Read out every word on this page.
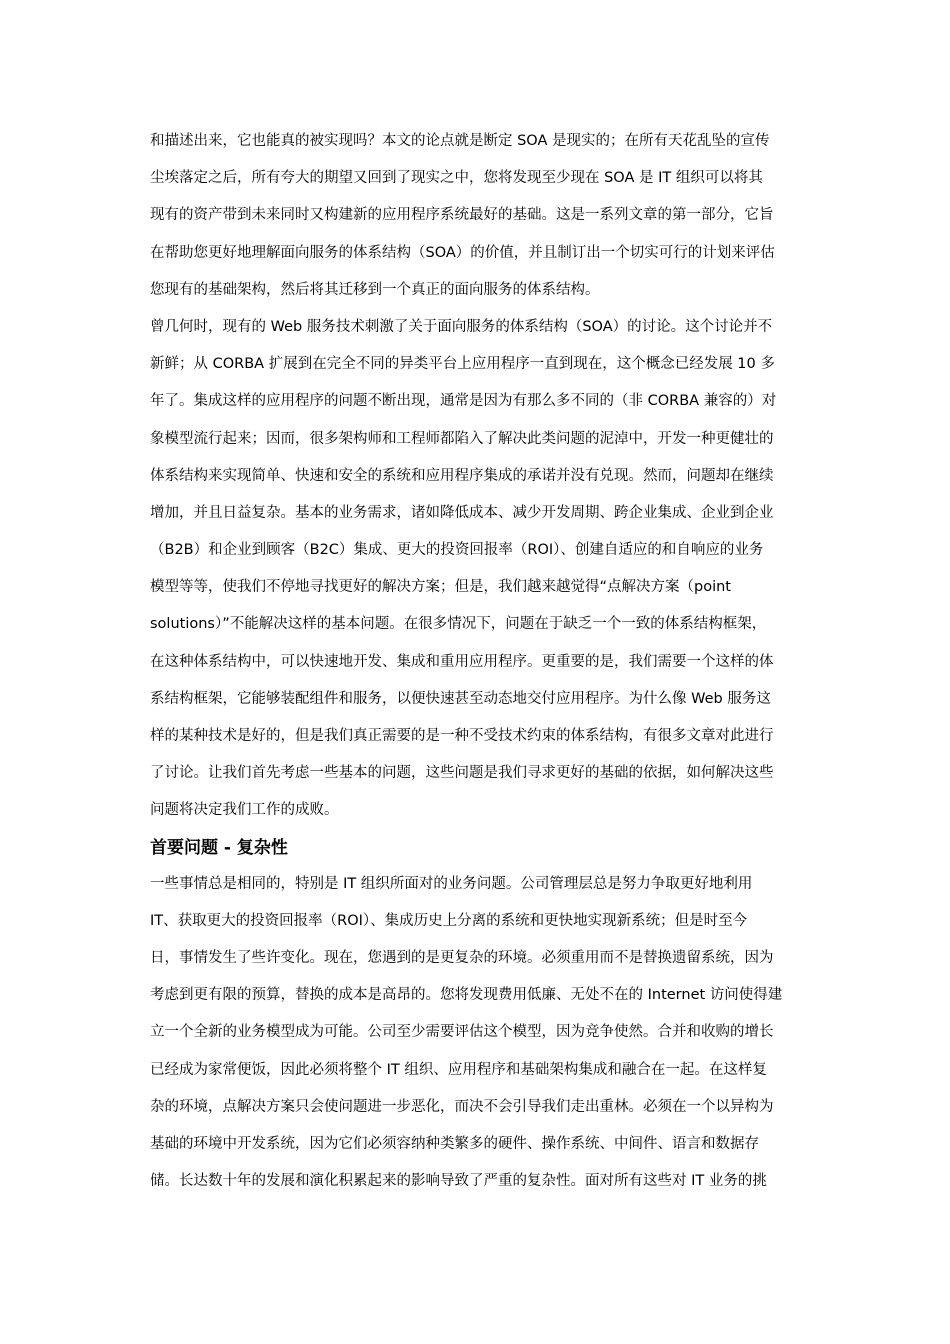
和描述出来，它也能真的被实现吗？本文的论点就是断定 SOA 是现实的；在所有天花乱坠的宣传
尘埃落定之后，所有夸大的期望又回到了现实之中，您将发现至少现在 SOA 是 IT 组织可以将其
现有的资产带到未来同时又构建新的应用程序系统最好的基础。这是一系列文章的第一部分，它旨
在帮助您更好地理解面向服务的体系结构（SOA）的价值，并且制订出一个切实可行的计划来评估
您现有的基础架构，然后将其迁移到一个真正的面向服务的体系结构。
曾几何时，现有的 Web 服务技术刺激了关于面向服务的体系结构（SOA）的讨论。这个讨论并不
新鲜；从 CORBA 扩展到在完全不同的异类平台上应用程序一直到现在，这个概念已经发展 10 多
年了。集成这样的应用程序的问题不断出现，通常是因为有那么多不同的（非 CORBA 兼容的）对
象模型流行起来；因而，很多架构师和工程师都陷入了解决此类问题的泥淖中，开发一种更健壮的
体系结构来实现简单、快速和安全的系统和应用程序集成的承诺并没有兑现。然而，问题却在继续
增加，并且日益复杂。基本的业务需求，诸如降低成本、减少开发周期、跨企业集成、企业到企业
（B2B）和企业到顾客（B2C）集成、更大的投资回报率（ROI）、创建自适应的和自响应的业务
模型等等，使我们不停地寻找更好的解决方案；但是，我们越来越觉得“点解决方案（point
solutions）”不能解决这样的基本问题。在很多情况下，问题在于缺乏一个一致的体系结构框架，
在这种体系结构中，可以快速地开发、集成和重用应用程序。更重要的是，我们需要一个这样的体
系结构框架，它能够装配组件和服务，以便快速甚至动态地交付应用程序。为什么像 Web 服务这
样的某种技术是好的，但是我们真正需要的是一种不受技术约束的体系结构，有很多文章对此进行
了讨论。让我们首先考虑一些基本的问题，这些问题是我们寻求更好的基础的依据，如何解决这些
问题将决定我们工作的成败。
首要问题 - 复杂性
一些事情总是相同的，特别是 IT 组织所面对的业务问题。公司管理层总是努力争取更好地利用
IT、获取更大的投资回报率（ROI）、集成历史上分离的系统和更快地实现新系统；但是时至今
日，事情发生了些许变化。现在，您遇到的是更复杂的环境。必须重用而不是替换遗留系统，因为
考虑到更有限的预算，替换的成本是高昂的。您将发现费用低廉、无处不在的 Internet 访问使得建
立一个全新的业务模型成为可能。公司至少需要评估这个模型，因为竞争使然。合并和收购的增长
已经成为家常便饭，因此必须将整个 IT 组织、应用程序和基础架构集成和融合在一起。在这样复
杂的环境，点解决方案只会使问题进一步恶化，而决不会引导我们走出重林。必须在一个以异构为
基础的环境中开发系统，因为它们必须容纳种类繁多的硬件、操作系统、中间件、语言和数据存
储。长达数十年的发展和演化积累起来的影响导致了严重的复杂性。面对所有这些对 IT 业务的挑
